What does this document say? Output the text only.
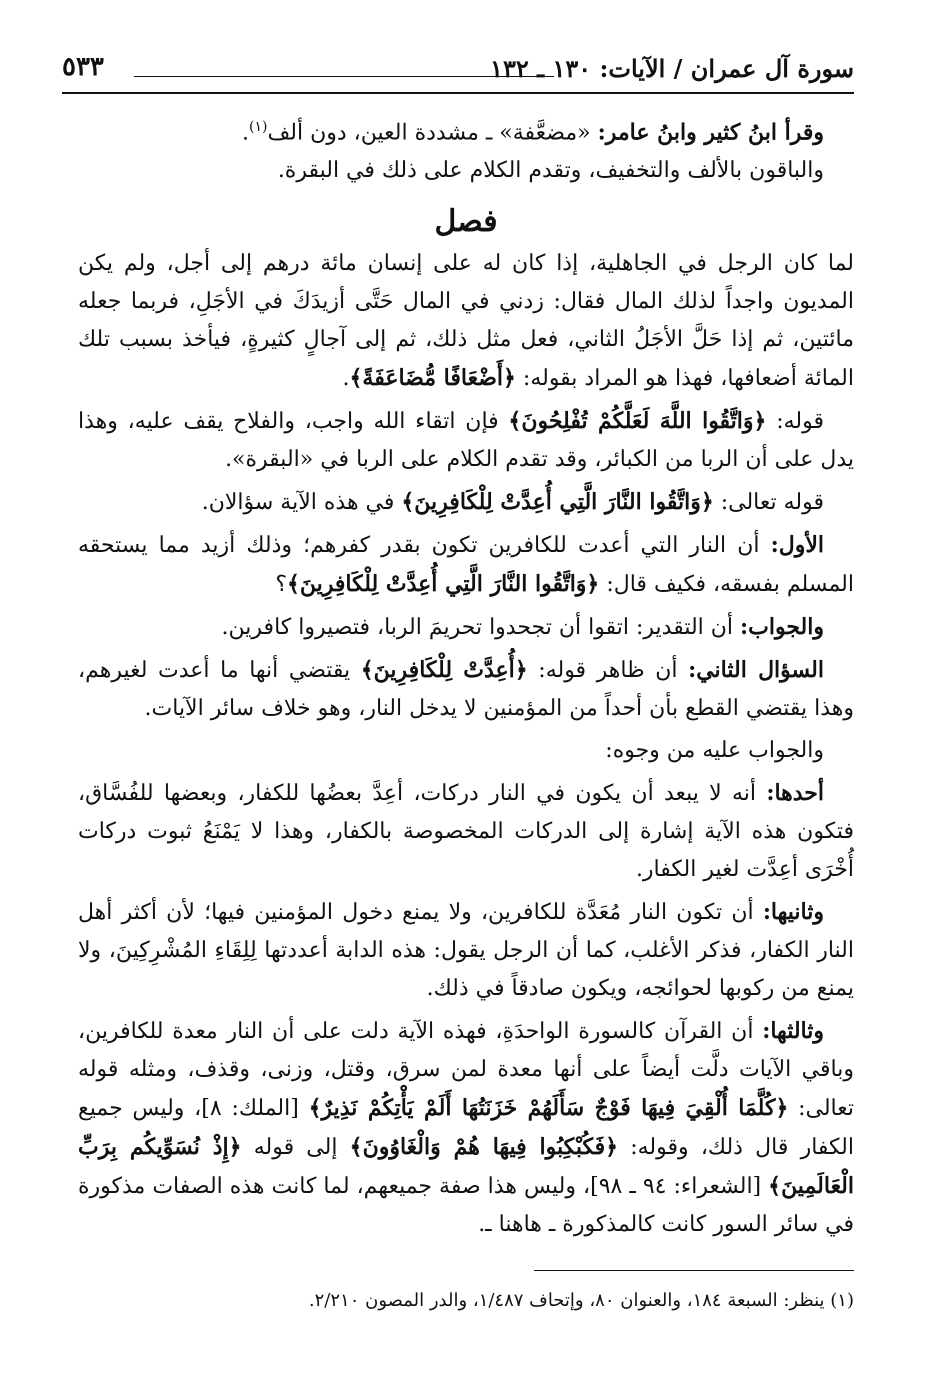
سورة آل عمران / الآيات: ١٣٠ ـ ١٣٢
٥٣٣

وقرأ ابنُ كثير وابنُ عامر: «مضعَّفة» ـ مشددة العين، دون ألف$^{(١)}$.

والباقون بالألف والتخفيف، وتقدم الكلام على ذلك في البقرة.

فصل

لما كان الرجل في الجاهلية، إذا كان له على إنسان مائة درهم إلى أجل، ولم يكن المديون واجداً لذلك المال فقال: زدني في المال حَتَّى أزيدَكَ في الأجَلِ، فربما جعله مائتين، ثم إذا حَلَّ الأجَلُ الثاني، فعل مثل ذلك، ثم إلى آجالٍ كثيرةٍ، فيأخذ بسبب تلك المائة أضعافها، فهذا هو المراد بقوله: ﴿أَضْعَافًا مُّضَاعَفَةً﴾.

قوله: ﴿وَاتَّقُوا اللَّهَ لَعَلَّكُمْ تُفْلِحُونَ﴾ فإن اتقاء الله واجب، والفلاح يقف عليه، وهذا يدل على أن الربا من الكبائر، وقد تقدم الكلام على الربا في «البقرة».

قوله تعالى: ﴿وَاتَّقُوا النَّارَ الَّتِي أُعِدَّتْ لِلْكَافِرِينَ﴾ في هذه الآية سؤالان.

الأول: أن النار التي أعدت للكافرين تكون بقدر كفرهم؛ وذلك أزيد مما يستحقه المسلم بفسقه، فكيف قال: ﴿وَاتَّقُوا النَّارَ الَّتِي أُعِدَّتْ لِلْكَافِرِينَ﴾؟

والجواب: أن التقدير: اتقوا أن تجحدوا تحريمَ الربا، فتصيروا كافرين.

السؤال الثاني: أن ظاهر قوله: ﴿أُعِدَّتْ لِلْكَافِرِينَ﴾ يقتضي أنها ما أعدت لغيرهم، وهذا يقتضي القطع بأن أحداً من المؤمنين لا يدخل النار، وهو خلاف سائر الآيات.

والجواب عليه من وجوه:

أحدها: أنه لا يبعد أن يكون في النار دركات، أعِدَّ بعضُها للكفار، وبعضها للفُسَّاق، فتكون هذه الآية إشارة إلى الدركات المخصوصة بالكفار، وهذا لا يَمْنَعُ ثبوت دركات أُخْرَى أعِدَّت لغير الكفار.

وثانيها: أن تكون النار مُعَدَّة للكافرين، ولا يمنع دخول المؤمنين فيها؛ لأن أكثر أهل النار الكفار، فذكر الأغلب، كما أن الرجل يقول: هذه الدابة أعددتها لِلِقَاءِ المُشْرِكِينَ، ولا يمنع من ركوبها لحوائجه، ويكون صادقاً في ذلك.

وثالثها: أن القرآن كالسورة الواحدَةِ، فهذه الآية دلت على أن النار معدة للكافرين، وباقي الآيات دلَّت أيضاً على أنها معدة لمن سرق، وقتل، وزنى، وقذف، ومثله قوله تعالى: ﴿كُلَّمَا أُلْقِيَ فِيهَا فَوْجٌ سَأَلَهُمْ خَزَنَتُهَا أَلَمْ يَأْتِكُمْ نَذِيرٌ﴾ [الملك: ٨]، وليس جميع الكفار قال ذلك، وقوله: ﴿فَكُبْكِبُوا فِيهَا هُمْ وَالْغَاوُونَ﴾ إلى قوله ﴿إِذْ نُسَوِّيكُم بِرَبِّ الْعَالَمِينَ﴾ [الشعراء: ٩٤ ـ ٩٨]، وليس هذا صفة جميعهم، لما كانت هذه الصفات مذكورة في سائر السور كانت كالمذكورة ـ هاهنا ـ.

(١) ينظر: السبعة ١٨٤، والعنوان ٨٠، وإتحاف ١/٤٨٧، والدر المصون ٢/٢١٠.
